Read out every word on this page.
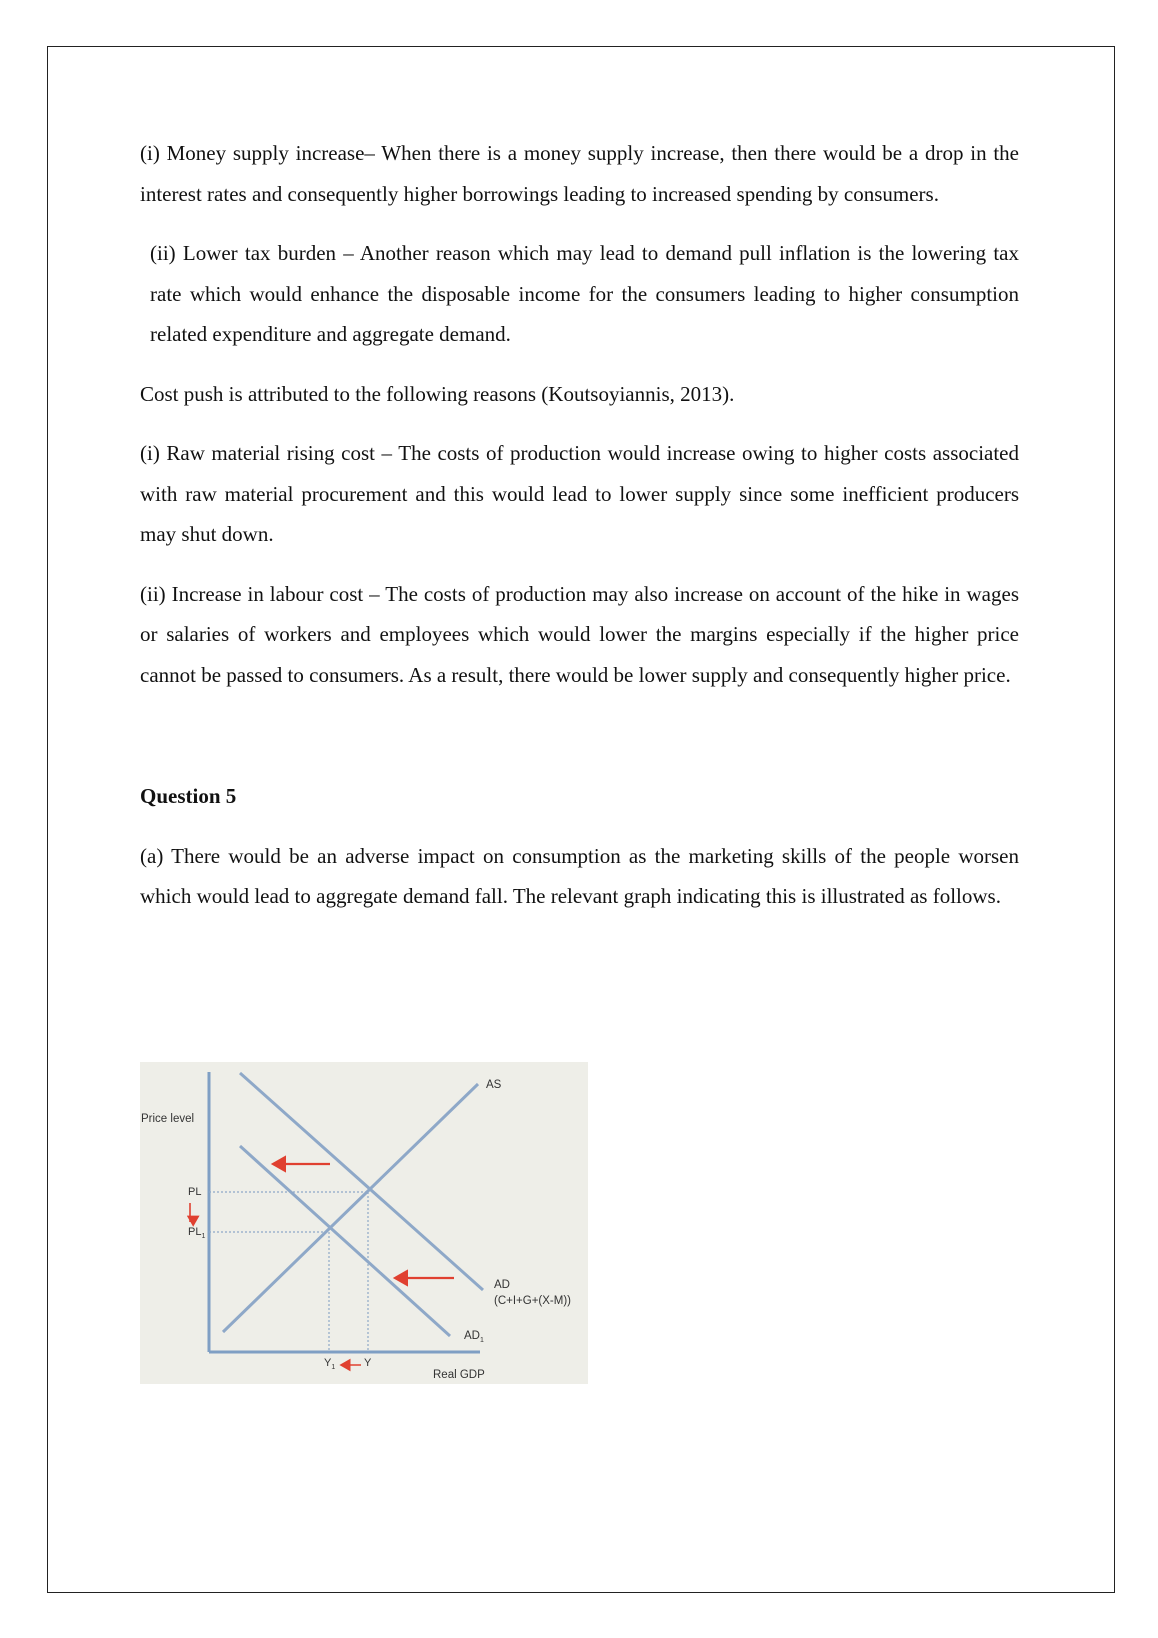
(i) Money supply increase– When there is a money supply increase, then there would be a drop in the interest rates and consequently higher borrowings leading to increased spending by consumers.

(ii) Lower tax burden – Another reason which may lead to demand pull inflation is the lowering tax rate which would enhance the disposable income for the consumers leading to higher consumption related expenditure and aggregate demand.

Cost push is attributed to the following reasons (Koutsoyiannis, 2013).

(i) Raw material rising cost – The costs of production would increase owing to higher costs associated with raw material procurement and this would lead to lower supply since some inefficient producers may shut down.

(ii) Increase in labour cost – The costs of production may also increase on account of the hike in wages or salaries of workers and employees which would lower the margins especially if the higher price cannot be passed to consumers. As a result, there would be lower supply and consequently higher price.

Question 5

(a) There would be an adverse impact on consumption as the marketing skills of the people worsen which would lead to aggregate demand fall. The relevant graph indicating this is illustrated as follows.

Price level
Real GDP
AS
AD
(C+I+G+(X-M))
$AD_1$
PL
$PL_1$
$Y_1$	Y
